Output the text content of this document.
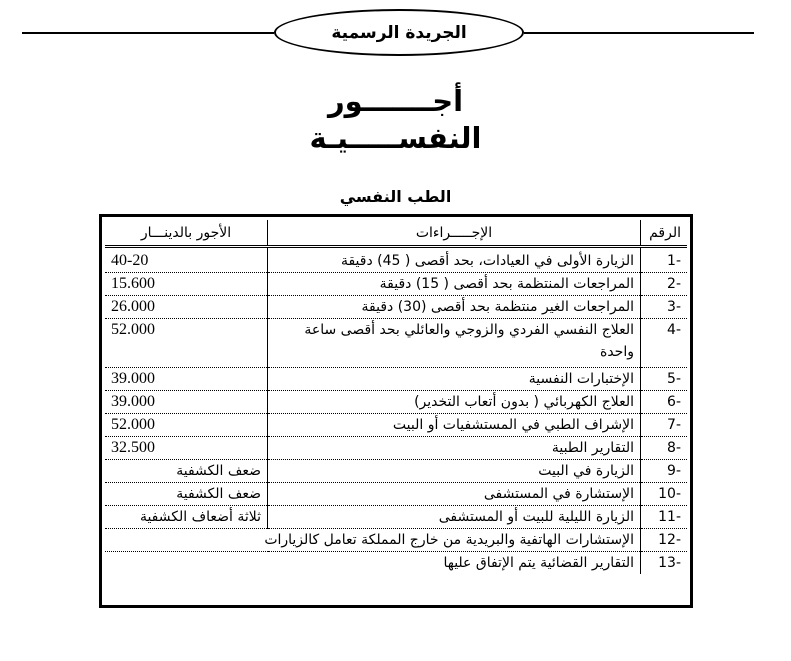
الجريدة الرسمية
أجـــــــور
النفســـــيـة
الطب النفسي
الرقم	الإجـــــراءات	الأجور بالدينـــار
-1	الزيارة الأولى في العيادات، بحد أقصى ( 45) دقيقة	40-20
-2	المراجعات المنتظمة بحد أقصى ( 15) دقيقة	15.600
-3	المراجعات الغير منتظمة بحد أقصى (30) دقيقة	26.000
-4	العلاج النفسي الفردي والزوجي والعائلي بحد أقصى ساعة واحدة	52.000
-5	الإختبارات النفسية	39.000
-6	العلاج الكهربائي ( بدون أتعاب التخدير)	39.000
-7	الإشراف الطبي في المستشفيات أو البيت	52.000
-8	التقارير الطبية	32.500
-9	الزيارة في البيت	ضعف الكشفية
-10	الإستشارة في المستشفى	ضعف الكشفية
-11	الزيارة الليلية للبيت أو المستشفى	ثلاثة أضعاف الكشفية
-12	الإستشارات الهاتفية والبريدية من خارج المملكة تعامل كالزيارات	
-13	التقارير القضائية يتم الإتفاق عليها	
